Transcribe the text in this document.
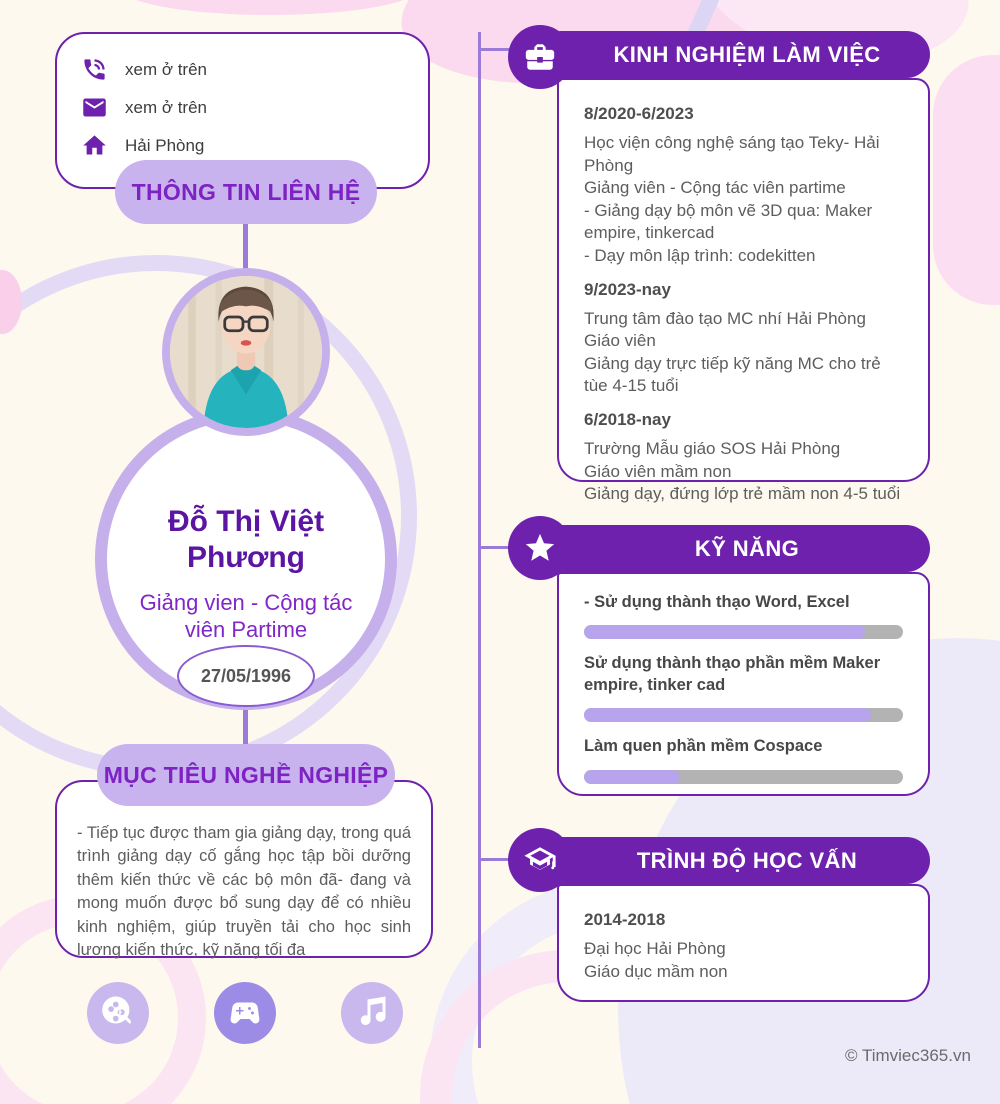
xem ở trên
xem ở trên
Hải Phòng
THÔNG TIN LIÊN HỆ
Đỗ Thị Việt Phương
Giảng vien - Cộng tác viên Partime
27/05/1996
MỤC TIÊU NGHỀ NGHIỆP
- Tiếp tục được tham gia giảng dạy, trong quá trình giảng dạy cố gắng học tập bồi dưỡng thêm kiến thức về các bộ môn đã- đang và mong muốn được bổ sung dạy để có nhiều kinh nghiệm, giúp truyền tải cho học sinh lượng kiến thức, kỹ năng tối đa
KINH NGHIỆM LÀM VIỆC
8/2020-6/2023
Học viện công nghệ sáng tạo Teky- Hải Phòng
Giảng viên - Cộng tác viên partime
- Giảng dạy bộ môn vẽ 3D qua: Maker empire, tinkercad
- Dạy môn lập trình: codekitten
9/2023-nay
Trung tâm đào tạo MC nhí Hải Phòng
Giáo viên
Giảng dạy trực tiếp kỹ năng MC cho trẻ tùe 4-15 tuổi
6/2018-nay
Trường Mẫu giáo SOS Hải Phòng
Giáo viên mầm non
Giảng dạy, đứng lớp trẻ mầm non 4-5 tuổi
KỸ NĂNG
- Sử dụng thành thạo Word, Excel
Sử dụng thành thạo phần mềm Maker empire, tinker cad
Làm quen phần mềm Cospace
TRÌNH ĐỘ HỌC VẤN
2014-2018
Đại học Hải Phòng
Giáo dục mầm non
© Timviec365.vn
